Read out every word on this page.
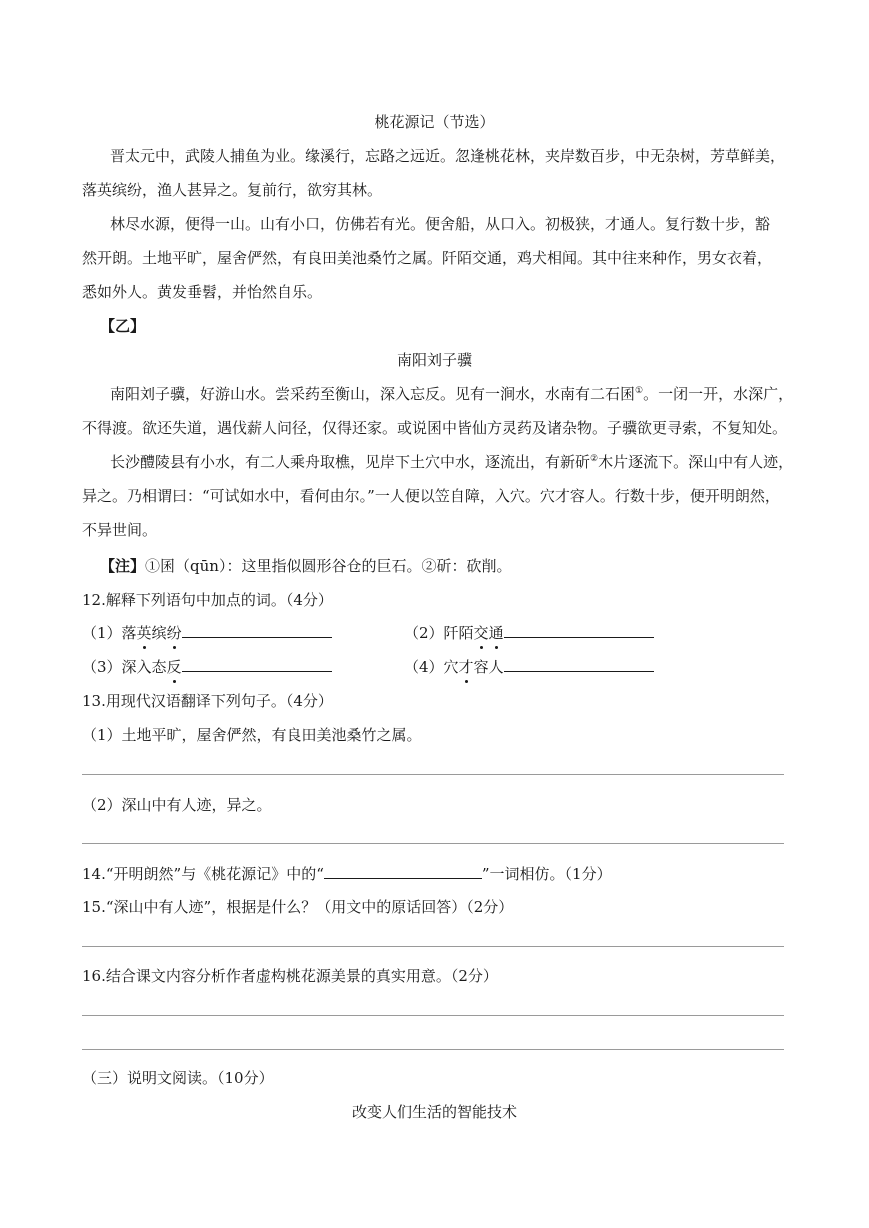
桃花源记（节选）
晋太元中，武陵人捕鱼为业。缘溪行，忘路之远近。忽逢桃花林，夹岸数百步，中无杂树，芳草鲜美，
落英缤纷，渔人甚异之。复前行，欲穷其林。
林尽水源，便得一山。山有小口，仿佛若有光。便舍船，从口入。初极狭，才通人。复行数十步，豁
然开朗。土地平旷，屋舍俨然，有良田美池桑竹之属。阡陌交通，鸡犬相闻。其中往来种作，男女衣着，
悉如外人。黄发垂髫，并怡然自乐。
【乙】
南阳刘子骥
南阳刘子骥，好游山水。尝采药至衡山，深入忘反。见有一涧水，水南有二石囷①。一闭一开，水深广，
不得渡。欲还失道，遇伐薪人问径，仅得还家。或说囷中皆仙方灵药及诸杂物。子骥欲更寻索，不复知处。
长沙醴陵县有小水，有二人乘舟取樵，见岸下土穴中水，逐流出，有新斫②木片逐流下。深山中有人迹，
异之。乃相谓曰：“可试如水中，看何由尔。”一人便以笠自障，入穴。穴才容人。行数十步，便开明朗然，
不异世间。
【注】①囷（qūn）：这里指似圆形谷仓的巨石。②斫：砍削。
12.解释下列语句中加点的词。（4分）
（1）落英缤纷	（2）阡陌交通
（3）深入态反	（4）穴才容人
13.用现代汉语翻译下列句子。（4分）
（1）土地平旷，屋舍俨然，有良田美池桑竹之属。
（2）深山中有人迹，异之。
14.“开明朗然”与《桃花源记》中的“	”一词相仿。（1分）
15.“深山中有人迹”，根据是什么？（用文中的原话回答）（2分）
16.结合课文内容分析作者虚构桃花源美景的真实用意。（2分）
（三）说明文阅读。（10分）
改变人们生活的智能技术
